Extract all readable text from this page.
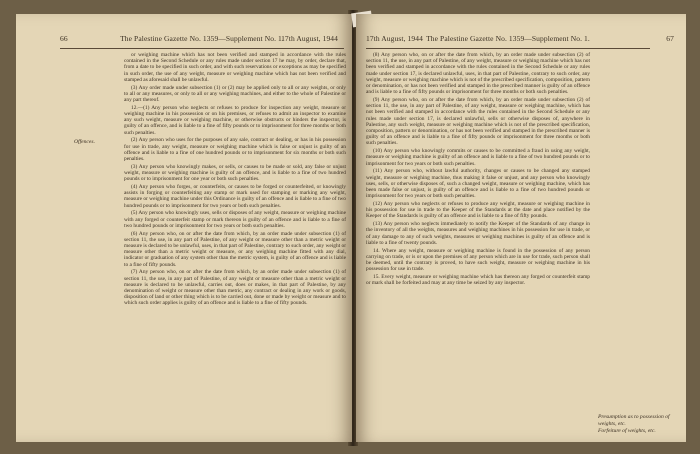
66	The Palestine Gazette No. 1359—Supplement No. 1.
17th August, 1944
Offences.

or weighing machine which has not been verified and stamped in accordance with the rules contained in the Second Schedule or any rules made under section 17 he may, by order, declare that, from a date to be specified in such order, and with such reservations or exceptions as may be specified in such order, the use of any weight, measure or weighing machine which has not been verified and stamped as aforesaid shall be unlawful.

(3) Any order made under subsection (1) or (2) may be applied only to all or any weights, or only to all or any measures, or only to all or any weighing machines, and either to the whole of Palestine or any part thereof.

12.—(1) Any person who neglects or refuses to produce for inspection any weight, measure or weighing machine in his possession or on his premises, or refuses to admit an inspector to examine any such weight, measure or weighing machine, or otherwise obstructs or hinders the inspector, is guilty of an offence, and is liable to a fine of fifty pounds or to imprisonment for three months or both such penalties.

(2) Any person who uses for the purposes of any sale, contract or dealing, or has in his possession for use in trade, any weight, measure or weighing machine which is false or unjust is guilty of an offence and is liable to a fine of one hundred pounds or to imprisonment for six months or both such penalties.

(3) Any person who knowingly makes, or sells, or causes to be made or sold, any false or unjust weight, measure or weighing machine is guilty of an offence, and is liable to a fine of two hundred pounds or to imprisonment for one year or both such penalties.

(4) Any person who forges, or counterfeits, or causes to be forged or counterfeited, or knowingly assists in forging or counterfeiting any stamp or mark used for stamping or marking any weight, measure or weighing machine under this Ordinance is guilty of an offence and is liable to a fine of two hundred pounds or to imprisonment for two years or both such penalties.

(5) Any person who knowingly uses, sells or disposes of any weight, measure or weighing machine with any forged or counterfeit stamp or mark thereon is guilty of an offence and is liable to a fine of two hundred pounds or imprisonment for two years or both such penalties.

(6) Any person who, on or after the date from which, by an order made under subsection (1) of section 11, the use, in any part of Palestine, of any weight or measure other than a metric weight or measure is declared to be unlawful, uses, in that part of Palestine, contrary to such order, any weight or measure other than a metric weight or measure, or any weighing machine fitted with any dial, indicator or graduation of any system other than the metric system, is guilty of an offence and is liable to a fine of fifty pounds.

(7) Any person who, on or after the date from which, by an order made under subsection (1) of section 11, the use, in any part of Palestine, of any weight or measure other than a metric weight or measure is declared to be unlawful, carries out, does or makes, in that part of Palestine, by any denomination of weight or measure other than metric, any contract or dealing in any work or goods, disposition of land or other thing which is to be carried out, done or made by weight or measure and to which such order applies is guilty of an offence and is liable to a fine of fifty pounds.

17th August, 1944 The Palestine Gazette No. 1359—Supplement No. 1.	67

(8) Any person who, on or after the date from which, by an order made under subsection (2) of section 11, the use, in any part of Palestine, of any weight, measure or weighing machine which has not been verified and stamped in accordance with the rules contained in the Second Schedule or any rules made under section 17, is declared unlawful, uses, in that part of Palestine, contrary to such order, any weight, measure or weighing machine which is not of the prescribed specification, composition, pattern or denomination, or has not been verified and stamped in the prescribed manner is guilty of an offence and is liable to a fine of fifty pounds or imprisonment for three months or both such penalties.

(9) Any person who, on or after the date from which, by an order made under subsection (2) of section 11, the use, in any part of Palestine, of any weight, measure or weighing machine, which has not been verified and stamped in accordance with the rules contained in the Second Schedule or any rules made under section 17, is declared unlawful, sells or otherwise disposes of, anywhere in Palestine, any such weight, measure or weighing machine which is not of the prescribed specification, composition, pattern or denomination, or has not been verified and stamped in the prescribed manner is guilty of an offence and is liable to a fine of fifty pounds or imprisonment for three months or both such penalties.

(10) Any person who knowingly commits or causes to be committed a fraud in using any weight, measure or weighing machine is guilty of an offence and is liable to a fine of two hundred pounds or to imprisonment for two years or both such penalties.

(11) Any person who, without lawful authority, changes or causes to be changed any stamped weight, measure or weighing machine, thus making it false or unjust, and any person who knowingly uses, sells, or otherwise disposes of, such a changed weight, measure or weighing machine, which has been made false or unjust, is guilty of an offence and is liable to a fine of two hundred pounds or imprisonment for two years or both such penalties.

(12) Any person who neglects or refuses to produce any weight, measure or weighing machine in his possession for use in trade to the Keeper of the Standards at the date and place notified by the Keeper of the Standards is guilty of an offence and is liable to a fine of fifty pounds.

(13) Any person who neglects immediately to notify the Keeper of the Standards of any change in the inventory of all the weights, measures and weighing machines in his possession for use in trade, or of any damage to any of such weights, measures or weighing machines is guilty of an offence and is liable to a fine of twenty pounds.

14. Where any weight, measure or weighing machine is found in the possession of any person carrying on trade, or is or upon the premises of any person which are in use for trade, such person shall be deemed, until the contrary is proved, to have such weight, measure or weighing machine in his possession for use in trade.

15. Every weight, measure or weighing machine which has thereon any forged or counterfeit stamp or mark shall be forfeited and may at any time be seized by any inspector.

Presumption as to possession of weights, etc.
Forfeiture of weights, etc.
